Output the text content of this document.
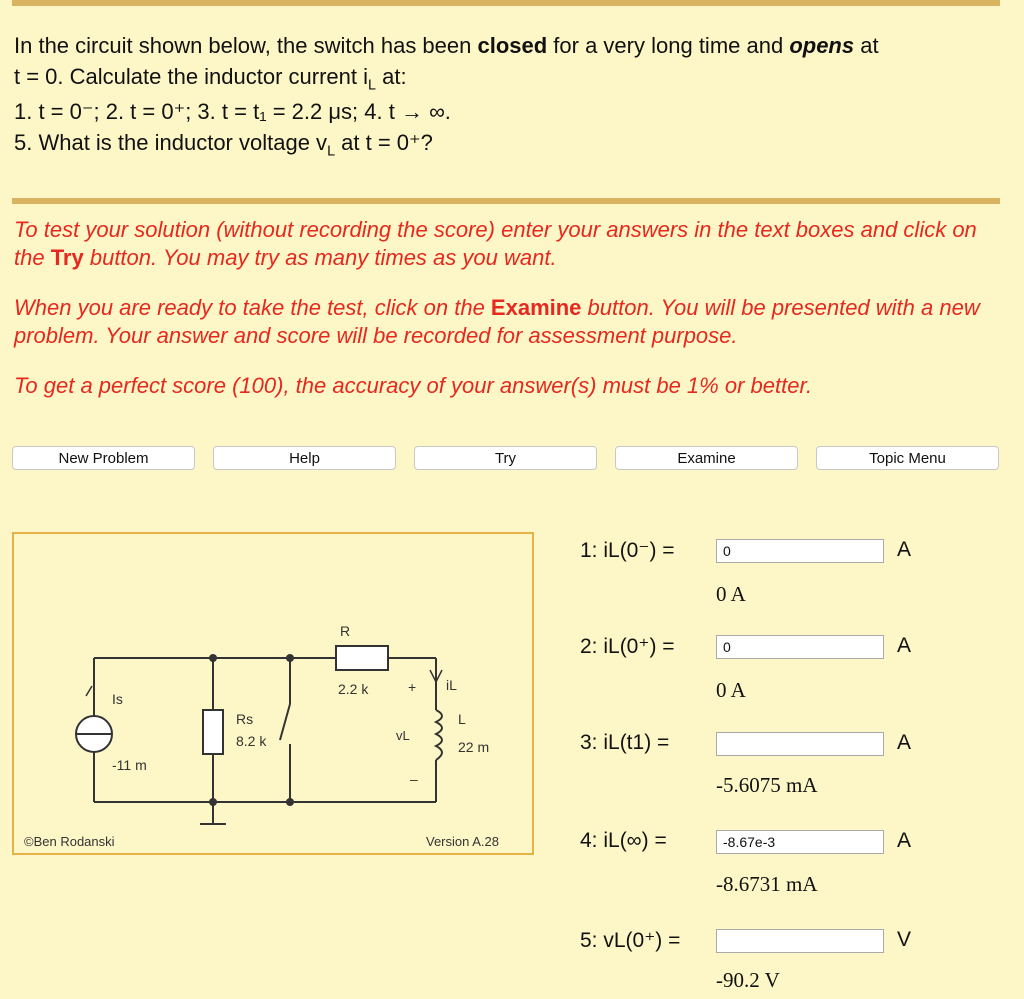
In the circuit shown below, the switch has been closed for a very long time and opens at

t = 0. Calculate the inductor current $i_L$ at:

1. t = 0⁻; 2. t = 0⁺; 3. t = t₁ = 2.2 μs; 4. t → ∞.

5. What is the inductor voltage $v_L$ at t = 0⁺?

To test your solution (without recording the score) enter your answers in the text boxes and click on the Try button. You may try as many times as you want.

When you are ready to take the test, click on the Examine button. You will be presented with a new problem. Your answer and score will be recorded for assessment purpose.

To get a perfect score (100), the accuracy of your answer(s) must be 1% or better.

New Problem	Help	Try	Examine	Topic Menu
R
2.2 k
Rs
8.2 k
Is
-11 m
L
22 m
vL
iL
+
–
©Ben Rodanski	Version A.28
1: iL(0⁻) =
0	A
0 A
2: iL(0⁺) =
0	A
0 A
3: iL(t1) =	A
-5.6075 mA
4: iL(∞) =
-8.67e-3	A
-8.6731 mA
5: vL(0⁺) =	V
-90.2 V
